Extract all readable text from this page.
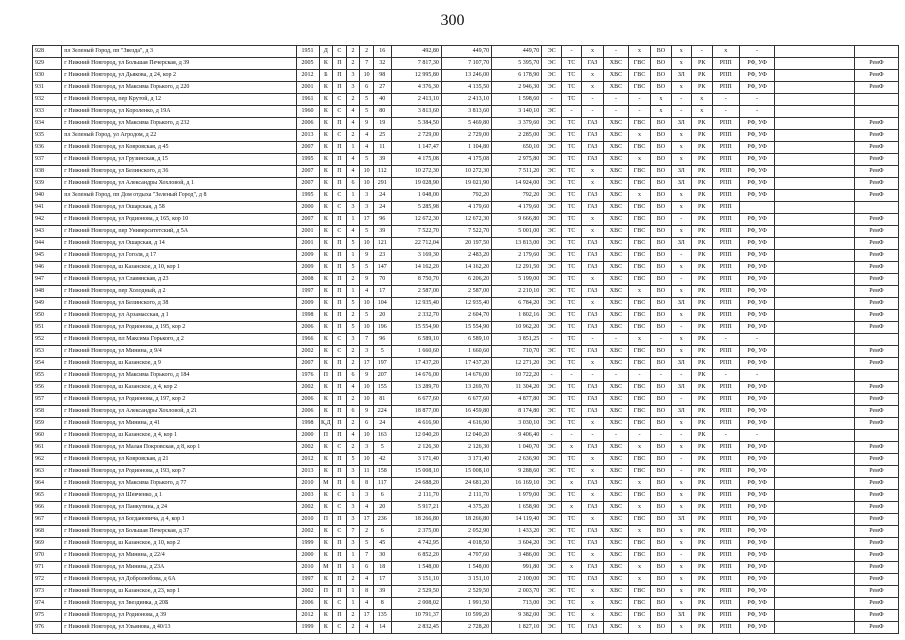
300
928	пл Зеленый Город, пп "Звезда", д 3	1951	Д	С	2	2	16	492,80	449,70	449,70	ЭС	-	х	-	х	ВО	х	-	х	-		
929	г Нижний Новгород, ул Большая Печерская, д 39	2005	К	П	2	7	32	7 817,30	7 107,70	5 395,70	ЭС	ТС	ГАЗ	ХВС	ГВС	ВО	х	РК	РПП	РФ, УФ		РемФ
930	г Нижний Новгород, ул Дьяковa, д 24, кор 2	2012	Б	П	3	10	98	12 995,80	13 246,00	6 178,90	ЭС	ТС	х	ХВС	ГВС	ВО	ЗЛ	РК	РПП	РФ, УФ		РемФ
931	г Нижний Новгород, ул Максима Горького, д 220	2001	К	П	3	6	27	4 376,30	4 135,50	2 946,30	ЭС	ТС	х	ХВС	ГВС	ВО	х	РК	РПП	РФ, УФ		РемФ
932	г Нижний Новгород, пер Крутой, д 12	1961	К	С	2	5	40	2 413,10	2 413,10	1 598,60	-	ТС	-	-	-	х	-	х	-	-		
933	г Нижний Новгород, ул Короленко, д 19А	1960	К	С	4	5	80	3 813,60	3 813,60	3 140,10	ЭС	-	-	-	-	х	-	х	-	-		
934	г Нижний Новгород, ул Максима Горького, д 232	2006	К	П	4	9	19	5 384,50	5 469,80	3 379,60	ЭС	ТС	ГАЗ	ХВС	ГВС	ВО	ЗЛ	РК	РПП	РФ, УФ		РемФ
935	пл Зеленый Город, ул Агродом, д 22	2013	К	С	2	4	25	2 729,00	2 729,00	2 285,00	ЭС	ТС	ГАЗ	ХВС	х	ВО	х	РК	РПП	РФ, УФ		РемФ
936	г Нижний Новгород, ул Ковровская, д 45	2007	К	П	1	4	11	1 147,47	1 104,80	650,10	ЭС	ТС	ГАЗ	ХВС	ГВС	ВО	х	РК	РПП	РФ, УФ		РемФ
937	г Нижний Новгород, ул Грузинская, д 15	1995	К	П	4	5	39	4 175,08	4 175,08	2 975,80	ЭС	ТС	ГАЗ	ХВС	х	ВО	х	РК	РПП	РФ, УФ		РемФ
938	г Нижний Новгород, ул Белинского, д 36	2007	К	П	4	10	112	10 272,30	10 272,30	7 511,20	ЭС	ТС	х	ХВС	ГВС	ВО	ЗЛ	РК	РПП	РФ, УФ		РемФ
939	г Нижний Новгород, ул Александры Хохловой, д 1	2007	К	П	6	10	291	19 028,90	19 021,90	14 924,00	ЭС	ТС	х	ХВС	ГВС	ВО	ЗЛ	РК	РПП	РФ, УФ		РемФ
940	пл Зеленый Город, пп Дом отдыха "Зеленый Город", д 8	1995	К	С	1	3	24	1 048,00	792,20	792,20	ЭС	ТС	ГАЗ	ХВС	х	ВО	х	РК	РПП	РФ, УФ		РемФ
941	г Нижний Новгород, ул Ошарская, д 58	2000	К	С	3	3	24	5 285,98	4 179,60	4 179,60	ЭС	ТС	ГАЗ	ХВС	ГВС	ВО	х	РК	РПП			
942	г Нижний Новгород, ул Родионова, д 165, кор 10	2007	К	П	1	17	96	12 672,30	12 672,30	9 666,80	ЭС	ТС	х	ХВС	ГВС	ВО	-	РК	РПП	РФ, УФ		РемФ
943	г Нижний Новгород, пер Университетский, д 5А	2001	К	С	4	5	39	7 522,70	7 522,70	5 001,00	ЭС	ТС	х	ХВС	ГВС	ВО	х	РК	РПП	РФ, УФ		РемФ
944	г Нижний Новгород, ул Ошарская, д 14	2001	К	П	5	10	121	22 712,04	20 197,50	13 813,00	ЭС	ТС	ГАЗ	ХВС	ГВС	ВО	ЗЛ	РК	РПП	РФ, УФ		РемФ
945	г Нижний Новгород, ул Гоголя, д 17	2009	К	П	1	9	23	3 169,30	2 483,20	2 179,60	ЭС	ТС	ГАЗ	ХВС	ГВС	ВО	-	РК	РПП	РФ, УФ		РемФ
946	г Нижний Новгород, ш Казанское, д 10, кор 1	2009	К	П	5	5	147	14 162,20	14 162,20	12 291,50	ЭС	ТС	ГАЗ	ХВС	ГВС	ВО	х	РК	РПП	РФ, УФ		РемФ
947	г Нижний Новгород, ул Славянская, д 23	2008	К	П	2	9	70	8 750,70	6 206,20	5 199,00	ЭС	ТС	х	ХВС	ГВС	ВО	-	РК	РПП	РФ, УФ		РемФ
948	г Нижний Новгород, пер Холодный, д 2	1997	К	П	1	4	17	2 587,00	2 587,00	2 210,10	ЭС	ТС	ГАЗ	ХВС	х	ВО	х	РК	РПП	РФ, УФ		РемФ
949	г Нижний Новгород, ул Белинского, д 38	2009	К	П	5	10	104	12 935,40	12 935,40	6 784,20	ЭС	ТС	х	ХВС	ГВС	ВО	ЗЛ	РК	РПП	РФ, УФ		РемФ
950	г Нижний Новгород, ул Арзамасская, д 1	1998	К	П	2	5	20	2 332,70	2 604,70	1 802,16	ЭС	ТС	ГАЗ	ХВС	ГВС	ВО	х	РК	РПП	РФ, УФ		РемФ
951	г Нижний Новгород, ул Родионова, д 195, кор 2	2006	К	П	5	10	196	15 554,90	15 554,90	10 962,20	ЭС	ТС	ГАЗ	ХВС	ГВС	ВО	-	РК	РПП	РФ, УФ		РемФ
952	г Нижний Новгород, пл Максима Горького, д 2	1966	К	С	3	7	96	6 589,10	6 589,10	3 851,25	-	ТС	-	-	х	-	х	РК	-	-		
953	г Нижний Новгород, ул Минина, д 9/4	2002	К	С	2	3	5	1 660,60	1 660,60	710,70	ЭС	ТС	ГАЗ	ХВС	ГВС	ВО	х	РК	РПП	РФ, УФ		РемФ
954	г Нижний Новгород, ш Казанское, д 9	2007	К	П	2	17	197	17 437,20	17 437,20	12 271,20	ЭС	ТС	х	ХВС	ГВС	ВО	ЗЛ	РК	РПП	РФ, УФ		РемФ
955	г Нижний Новгород, ул Максима Горького, д 184	1976	П	П	6	9	207	14 676,00	14 676,00	10 722,20	-	-	-	-	-	-	-	РК	-	-		
956	г Нижний Новгород, ш Казанское, д 4, кор 2	2002	К	П	4	10	155	13 289,70	13 269,70	11 304,20	ЭС	ТС	ГАЗ	ХВС	ГВС	ВО	ЗЛ	РК	РПП	РФ, УФ		РемФ
957	г Нижний Новгород, ул Родионова, д 197, кор 2	2006	К	П	2	10	81	6 677,60	6 677,60	4 877,80	ЭС	ТС	ГАЗ	ХВС	ГВС	ВО	-	РК	РПП	РФ, УФ		РемФ
958	г Нижний Новгород, ул Александры Хохловой, д 21	2006	К	П	6	9	224	18 877,00	16 459,80	8 174,80	ЭС	ТС	ГАЗ	ХВС	ГВС	ВО	ЗЛ	РК	РПП	РФ, УФ		РемФ
959	г Нижний Новгород, ул Минина, д 41	1998	К,Д	П	2	6	24	4 616,90	4 616,90	3 030,10	ЭС	ТС	х	ХВС	ГВС	ВО	х	РК	РПП	РФ, УФ		РемФ
960	г Нижний Новгород, ш Казанское, д 4, кор 1	2000	П	П	4	10	163	12 040,20	12 040,20	9 406,40	-	-	-	-	-	-	-	РК	-	-		
961	г Нижний Новгород, ул Малая Покровская, д 8, кор 1	2002	К	С	2	3	5	2 126,30	2 126,30	1 040,70	ЭС	х	ГАЗ	ХВС	х	ВО	х	РК	РПП	РФ, УФ		РемФ
962	г Нижний Новгород, ул Ковровская, д 21	2012	К	П	5	10	42	3 171,40	3 171,40	2 636,90	ЭС	ТС	х	ХВС	ГВС	ВО	-	РК	РПП	РФ, УФ		РемФ
963	г Нижний Новгород, ул Родионова, д 193, кор 7	2013	К	П	3	11	158	15 008,10	15 008,10	9 288,60	ЭС	ТС	х	ХВС	ГВС	ВО	-	РК	РПП	РФ, УФ		РемФ
964	г Нижний Новгород, ул Максима Горького, д 77	2010	М	П	6	8	117	24 688,20	24 681,20	16 169,10	ЭС	х	ГАЗ	ХВС	х	ВО	х	РК	РПП	РФ, УФ		РемФ
965	г Нижний Новгород, ул Шевченко, д 1	2003	К	С	1	3	6	2 111,70	2 111,70	1 979,00	ЭС	ТС	х	ХВС	ГВС	ВО	х	РК	РПП	РФ, УФ		РемФ
966	г Нижний Новгород, ул Панкутина, д 24	2002	К	С	3	4	20	5 917,21	4 375,20	1 658,90	ЭС	х	ГАЗ	ХВС	х	ВО	х	РК	РПП	РФ, УФ		РемФ
967	г Нижний Новгород, ул Богдановича, д 4, кор 1	2010	П	П	3	17	236	18 266,80	18 266,80	14 119,40	ЭС	ТС	х	ХВС	ГВС	ВО	ЗЛ	РК	РПП	РФ, УФ		РемФ
968	г Нижний Новгород, ул Большая Печерская, д 37	2002	К	С	7	2	6	2 375,00	2 052,90	1 433,20	ЭС	ТС	ГАЗ	ХВС	х	ВО	х	РК	РПП	РФ, УФ		РемФ
969	г Нижний Новгород, ш Казанское, д 10, кор 2	1999	К	П	3	5	45	4 742,95	4 018,50	3 604,20	ЭС	ТС	ГАЗ	ХВС	ГВС	ВО	х	РК	РПП	РФ, УФ		РемФ
970	г Нижний Новгород, ул Минина, д 22/4	2000	К	П	1	7	30	6 852,20	4 797,60	3 486,00	ЭС	ТС	х	ХВС	ГВС	ВО	-	РК	РПП	РФ, УФ		РемФ
971	г Нижний Новгород, ул Минина, д 23А	2010	М	П	1	6	18	1 548,00	1 548,00	991,80	ЭС	х	ГАЗ	ХВС	х	ВО	х	РК	РПП	РФ, УФ		РемФ
972	г Нижний Новгород, ул Добролюбова, д 6А	1997	К	П	2	4	17	3 151,10	3 151,10	2 100,00	ЭС	ТС	ГАЗ	ХВС	х	ВО	х	РК	РПП	РФ, УФ		РемФ
973	г Нижний Новгород, ш Казанское, д 23, кор 1	2002	П	П	1	8	39	2 529,50	2 529,50	2 003,70	ЭС	ТС	х	ХВС	ГВС	ВО	х	РК	РПП	РФ, УФ		РемФ
974	г Нижний Новгород, ул Звездинка, д 20Б	2006	К	С	1	4	8	2 008,02	1 991,50	713,00	ЭС	ТС	х	ХВС	ГВС	ВО	х	РК	РПП	РФ, УФ		РемФ
975	г Нижний Новгород, ул Родионова, д 39	2012	К	П	2	17	135	10 791,37	10 599,20	9 382,00	ЭС	ТС	х	ХВС	ГВС	ВО	ЗЛ	РК	РПП	РФ, УФ		РемФ
976	г Нижний Новгород, ул Ульянова, д 40/13	1999	К	С	2	4	14	2 832,45	2 728,20	1 827,10	ЭС	ТС	ГАЗ	ХВС	х	ВО	х	РК	РПП	РФ, УФ		РемФ
